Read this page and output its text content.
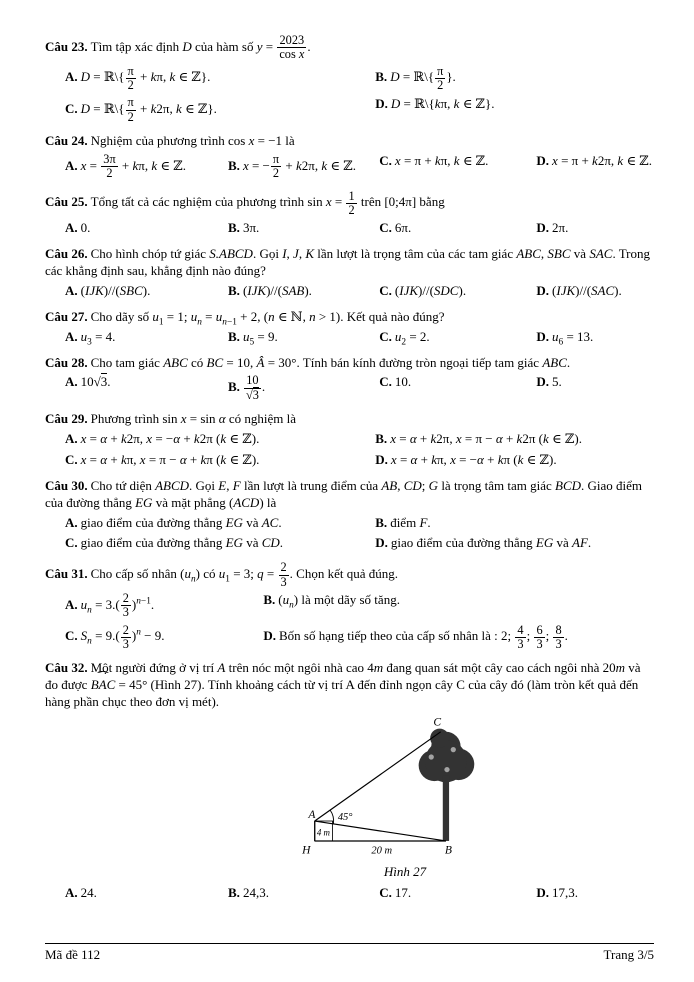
Câu 23. Tìm tập xác định D của hàm số $y = \frac{2023}{\text{cos x}}$ .

A. D = ℝ\{ $\frac{\pi}{2} + k\pi$, k ∈ ℤ}.	B. D = ℝ\{ $\frac{\pi}{2}$ }.
C. D = ℝ\{ $\frac{\pi}{2} + k2\pi$, k ∈ ℤ}.	D. D = ℝ\{kπ, k ∈ ℤ}.

Câu 24. Nghiệm của phương trình cos x = −1 là

A. $x = \frac{3\pi}{2} + k\pi$, k ∈ ℤ.	B. x = − $\frac{\pi}{2} + k2\pi$, k ∈ ℤ.	C. x = π + kπ, k ∈ ℤ.	D. x = π + k2π, k ∈ ℤ.

Câu 25. Tổng tất cả các nghiệm của phương trình $\sin x = \frac{1}{2}$ trên [0;4π] bằng

A. 0.	B. 3π.	C. 6π.	D. 2π.

Câu 26. Cho hình chóp tứ giác S.ABCD. Gọi I, J, K lần lượt là trọng tâm của các tam giác ABC, SBC và SAC. Trong các khẳng định sau, khẳng định nào đúng?

A. (IJK)//(SBC).	B. (IJK)//(SAB).	C. (IJK)//(SDC).	D. (IJK)//(SAC).

Câu 27. Cho dãy số $u_1 = 1$; $u_n = u_{n-1} + 2$, (n ∈ ℕ, n > 1). Kết quả nào đúng?

A. $u_3 = 4$.	B. $u_5 = 9$.	C. $u_2 = 2$.	D. $u_6 = 13$.

Câu 28. Cho tam giác ABC có BC = 10, Â = 30°. Tính bán kính đường tròn ngoại tiếp tam giác ABC.

A. 10√3.	B. $\frac{10}{√3}$ .	C. 10.	D. 5.

Câu 29. Phương trình sin x = sin α có nghiệm là

A. x = α + k2π, x = −α + k2π (k ∈ ℤ).	B. x = α + k2π, x = π − α + k2π (k ∈ ℤ).
C. x = α + kπ, x = π − α + kπ (k ∈ ℤ).	D. x = α + kπ, x = −α + kπ (k ∈ ℤ).

Câu 30. Cho tứ diện ABCD. Gọi E, F lần lượt là trung điểm của AB, CD; G là trọng tâm tam giác BCD. Giao điểm của đường thẳng EG và mặt phẳng (ACD) là

A. giao điểm của đường thẳng EG và AC.	B. điểm F.
C. giao điểm của đường thẳng EG và CD.	D. giao điểm của đường thẳng EG và AF.

Câu 31. Cho cấp số nhân $(u_n)$ có $u_1 = 3$; $q = \frac{2}{3}$ . Chọn kết quả đúng.

A. $u_n = 3.( \frac{2}{3} )^{n-1}$.	B. $(u_n)$ là một dãy số tăng.
C. $S_n = 9.( \frac{2}{3} )^n - 9$.	D. Bốn số hạng tiếp theo của cấp số nhân là : 2; $\frac{4}{3}$ ; $\frac{6}{3}$ ; $\frac{8}{3}$ .

Câu 32. Một người đứng ở vị trí A trên nóc một ngôi nhà cao 4m đang quan sát một cây cao cách ngôi nhà 20m và đo được ˆ BAC = 45° (Hình 27). Tính khoảng cách từ vị trí A đến đỉnh ngọn cây C của cây đó (làm tròn kết quả đến hàng phần chục theo đơn vị mét).

A 45°
4 m
H	20 m	B
C
Hình 27
A. 24.	B. 24,3.	C. 17.	D. 17,3.
Mã đề 112	Trang 3/5
